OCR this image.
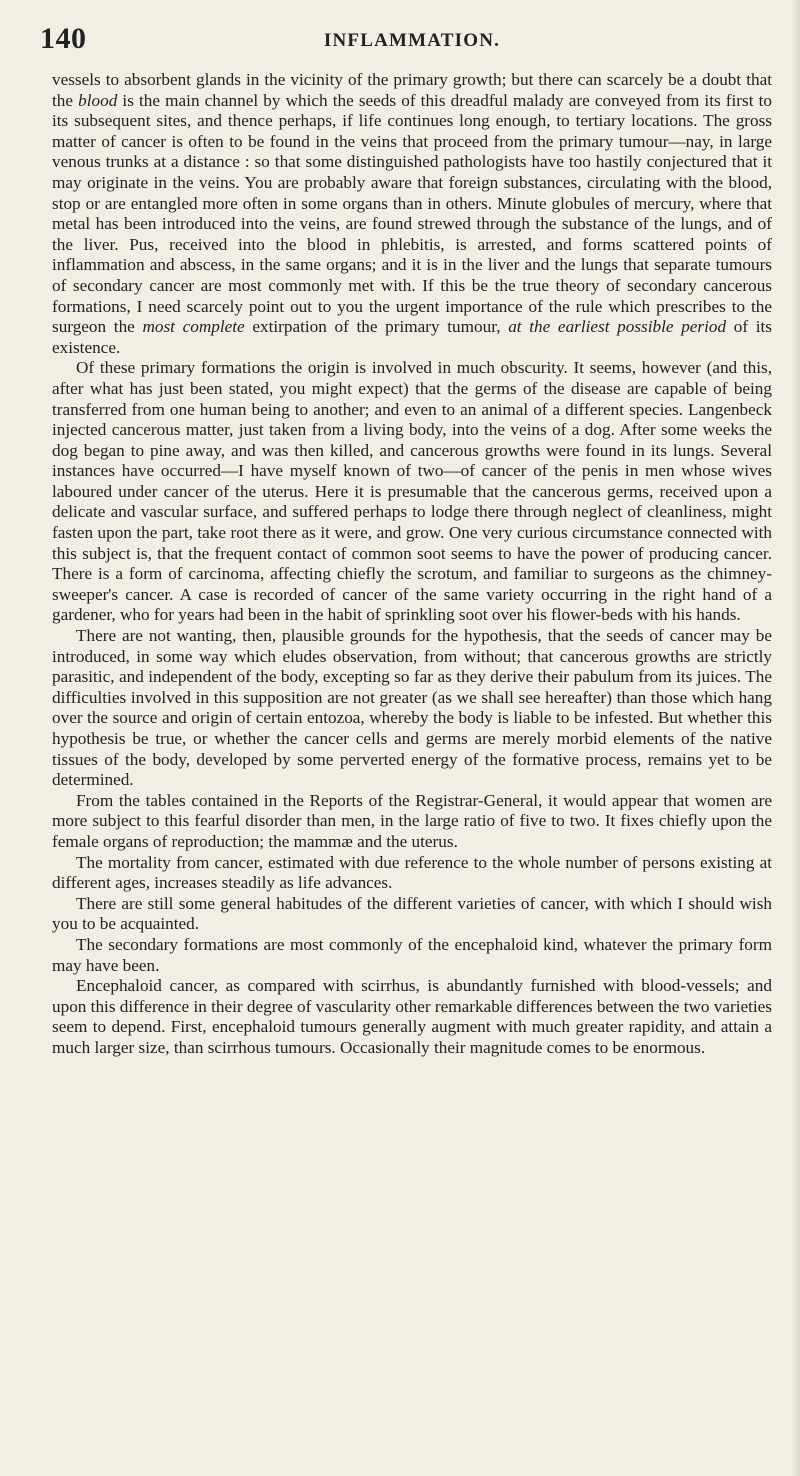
140	INFLAMMATION.

vessels to absorbent glands in the vicinity of the primary growth; but there can scarcely be a doubt that the blood is the main channel by which the seeds of this dreadful malady are conveyed from its first to its subsequent sites, and thence perhaps, if life continues long enough, to tertiary locations. The gross matter of cancer is often to be found in the veins that proceed from the primary tumour—nay, in large venous trunks at a distance : so that some distinguished pathologists have too hastily conjectured that it may originate in the veins. You are probably aware that foreign substances, circulating with the blood, stop or are entangled more often in some organs than in others. Minute globules of mercury, where that metal has been introduced into the veins, are found strewed through the substance of the lungs, and of the liver. Pus, received into the blood in phlebitis, is arrested, and forms scattered points of inflammation and abscess, in the same organs; and it is in the liver and the lungs that separate tumours of secondary cancer are most commonly met with. If this be the true theory of secondary cancerous formations, I need scarcely point out to you the urgent importance of the rule which prescribes to the surgeon the most complete extirpation of the primary tumour, at the earliest possible period of its existence.

Of these primary formations the origin is involved in much obscurity. It seems, however (and this, after what has just been stated, you might expect) that the germs of the disease are capable of being transferred from one human being to another; and even to an animal of a different species. Langenbeck injected cancerous matter, just taken from a living body, into the veins of a dog. After some weeks the dog began to pine away, and was then killed, and cancerous growths were found in its lungs. Several instances have occurred—I have myself known of two—of cancer of the penis in men whose wives laboured under cancer of the uterus. Here it is presumable that the cancerous germs, received upon a delicate and vascular surface, and suffered perhaps to lodge there through neglect of cleanliness, might fasten upon the part, take root there as it were, and grow. One very curious circumstance connected with this subject is, that the frequent contact of common soot seems to have the power of producing cancer. There is a form of carcinoma, affecting chiefly the scrotum, and familiar to surgeons as the chimney-sweeper's cancer. A case is recorded of cancer of the same variety occurring in the right hand of a gardener, who for years had been in the habit of sprinkling soot over his flower-beds with his hands.

There are not wanting, then, plausible grounds for the hypothesis, that the seeds of cancer may be introduced, in some way which eludes observation, from without; that cancerous growths are strictly parasitic, and independent of the body, excepting so far as they derive their pabulum from its juices. The difficulties involved in this supposition are not greater (as we shall see hereafter) than those which hang over the source and origin of certain entozoa, whereby the body is liable to be infested. But whether this hypothesis be true, or whether the cancer cells and germs are merely morbid elements of the native tissues of the body, developed by some perverted energy of the formative process, remains yet to be determined.

From the tables contained in the Reports of the Registrar-General, it would appear that women are more subject to this fearful disorder than men, in the large ratio of five to two. It fixes chiefly upon the female organs of reproduction; the mammæ and the uterus.

The mortality from cancer, estimated with due reference to the whole number of persons existing at different ages, increases steadily as life advances.

There are still some general habitudes of the different varieties of cancer, with which I should wish you to be acquainted.

The secondary formations are most commonly of the encephaloid kind, whatever the primary form may have been.

Encephaloid cancer, as compared with scirrhus, is abundantly furnished with blood-vessels; and upon this difference in their degree of vascularity other remarkable differences between the two varieties seem to depend. First, encephaloid tumours generally augment with much greater rapidity, and attain a much larger size, than scirrhous tumours. Occasionally their magnitude comes to be enormous.
